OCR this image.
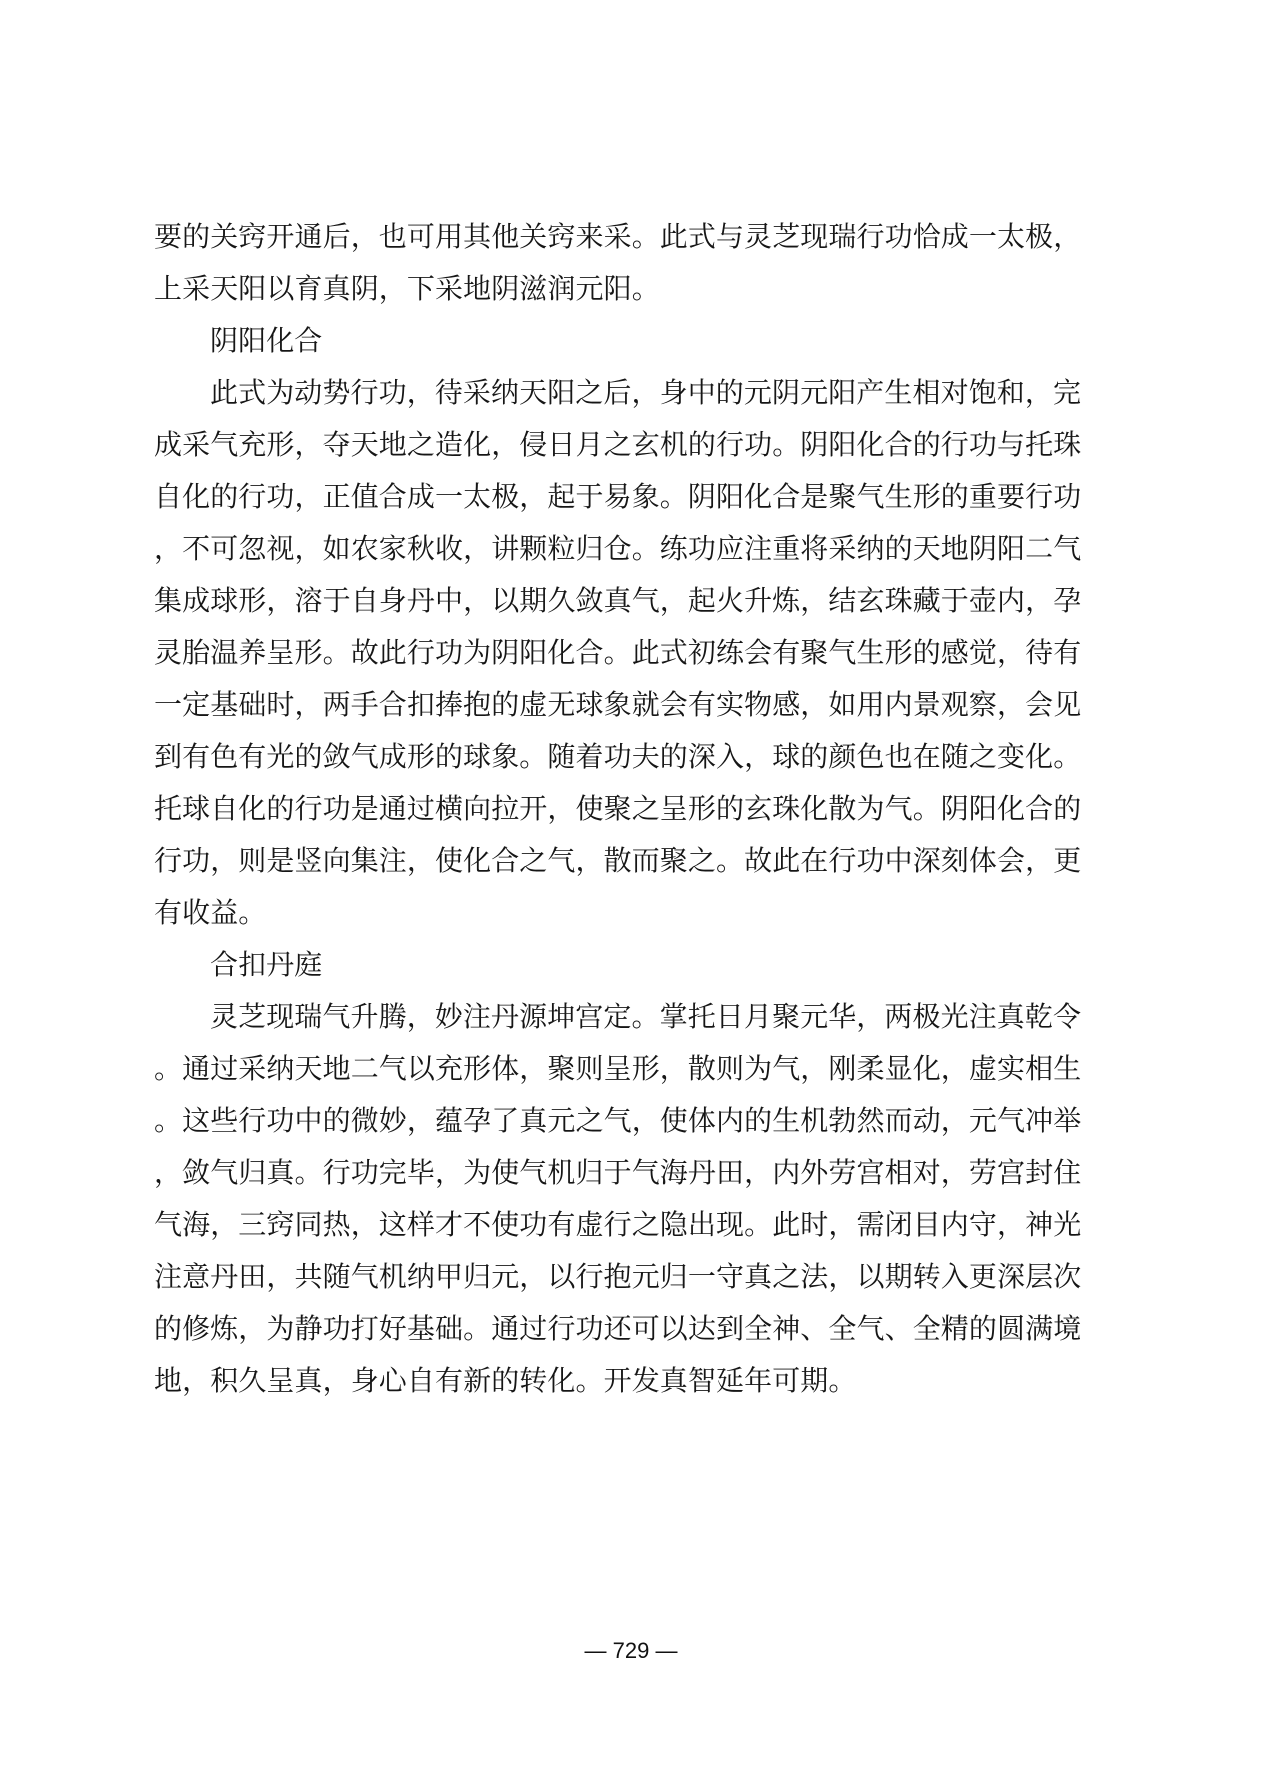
要的关窍开通后，也可用其他关窍来采。此式与灵芝现瑞行功恰成一太极，
上采天阳以育真阴，下采地阴滋润元阳。
阴阳化合
此式为动势行功，待采纳天阳之后，身中的元阴元阳产生相对饱和，完
成采气充形，夺天地之造化，侵日月之玄机的行功。阴阳化合的行功与托珠
自化的行功，正值合成一太极，起于易象。阴阳化合是聚气生形的重要行功
，不可忽视，如农家秋收，讲颗粒归仓。练功应注重将采纳的天地阴阳二气
集成球形，溶于自身丹中，以期久敛真气，起火升炼，结玄珠藏于壶内，孕
灵胎温养呈形。故此行功为阴阳化合。此式初练会有聚气生形的感觉，待有
一定基础时，两手合扣捧抱的虚无球象就会有实物感，如用内景观察，会见
到有色有光的敛气成形的球象。随着功夫的深入，球的颜色也在随之变化。
托球自化的行功是通过横向拉开，使聚之呈形的玄珠化散为气。阴阳化合的
行功，则是竖向集注，使化合之气，散而聚之。故此在行功中深刻体会，更
有收益。
合扣丹庭
灵芝现瑞气升腾，妙注丹源坤宫定。掌托日月聚元华，两极光注真乾令
。通过采纳天地二气以充形体，聚则呈形，散则为气，刚柔显化，虚实相生
。这些行功中的微妙，蕴孕了真元之气，使体内的生机勃然而动，元气冲举
，敛气归真。行功完毕，为使气机归于气海丹田，内外劳宫相对，劳宫封住
气海，三窍同热，这样才不使功有虚行之隐出现。此时，需闭目内守，神光
注意丹田，共随气机纳甲归元，以行抱元归一守真之法，以期转入更深层次
的修炼，为静功打好基础。通过行功还可以达到全神、全气、全精的圆满境
地，积久呈真，身心自有新的转化。开发真智延年可期。
— 729 —
